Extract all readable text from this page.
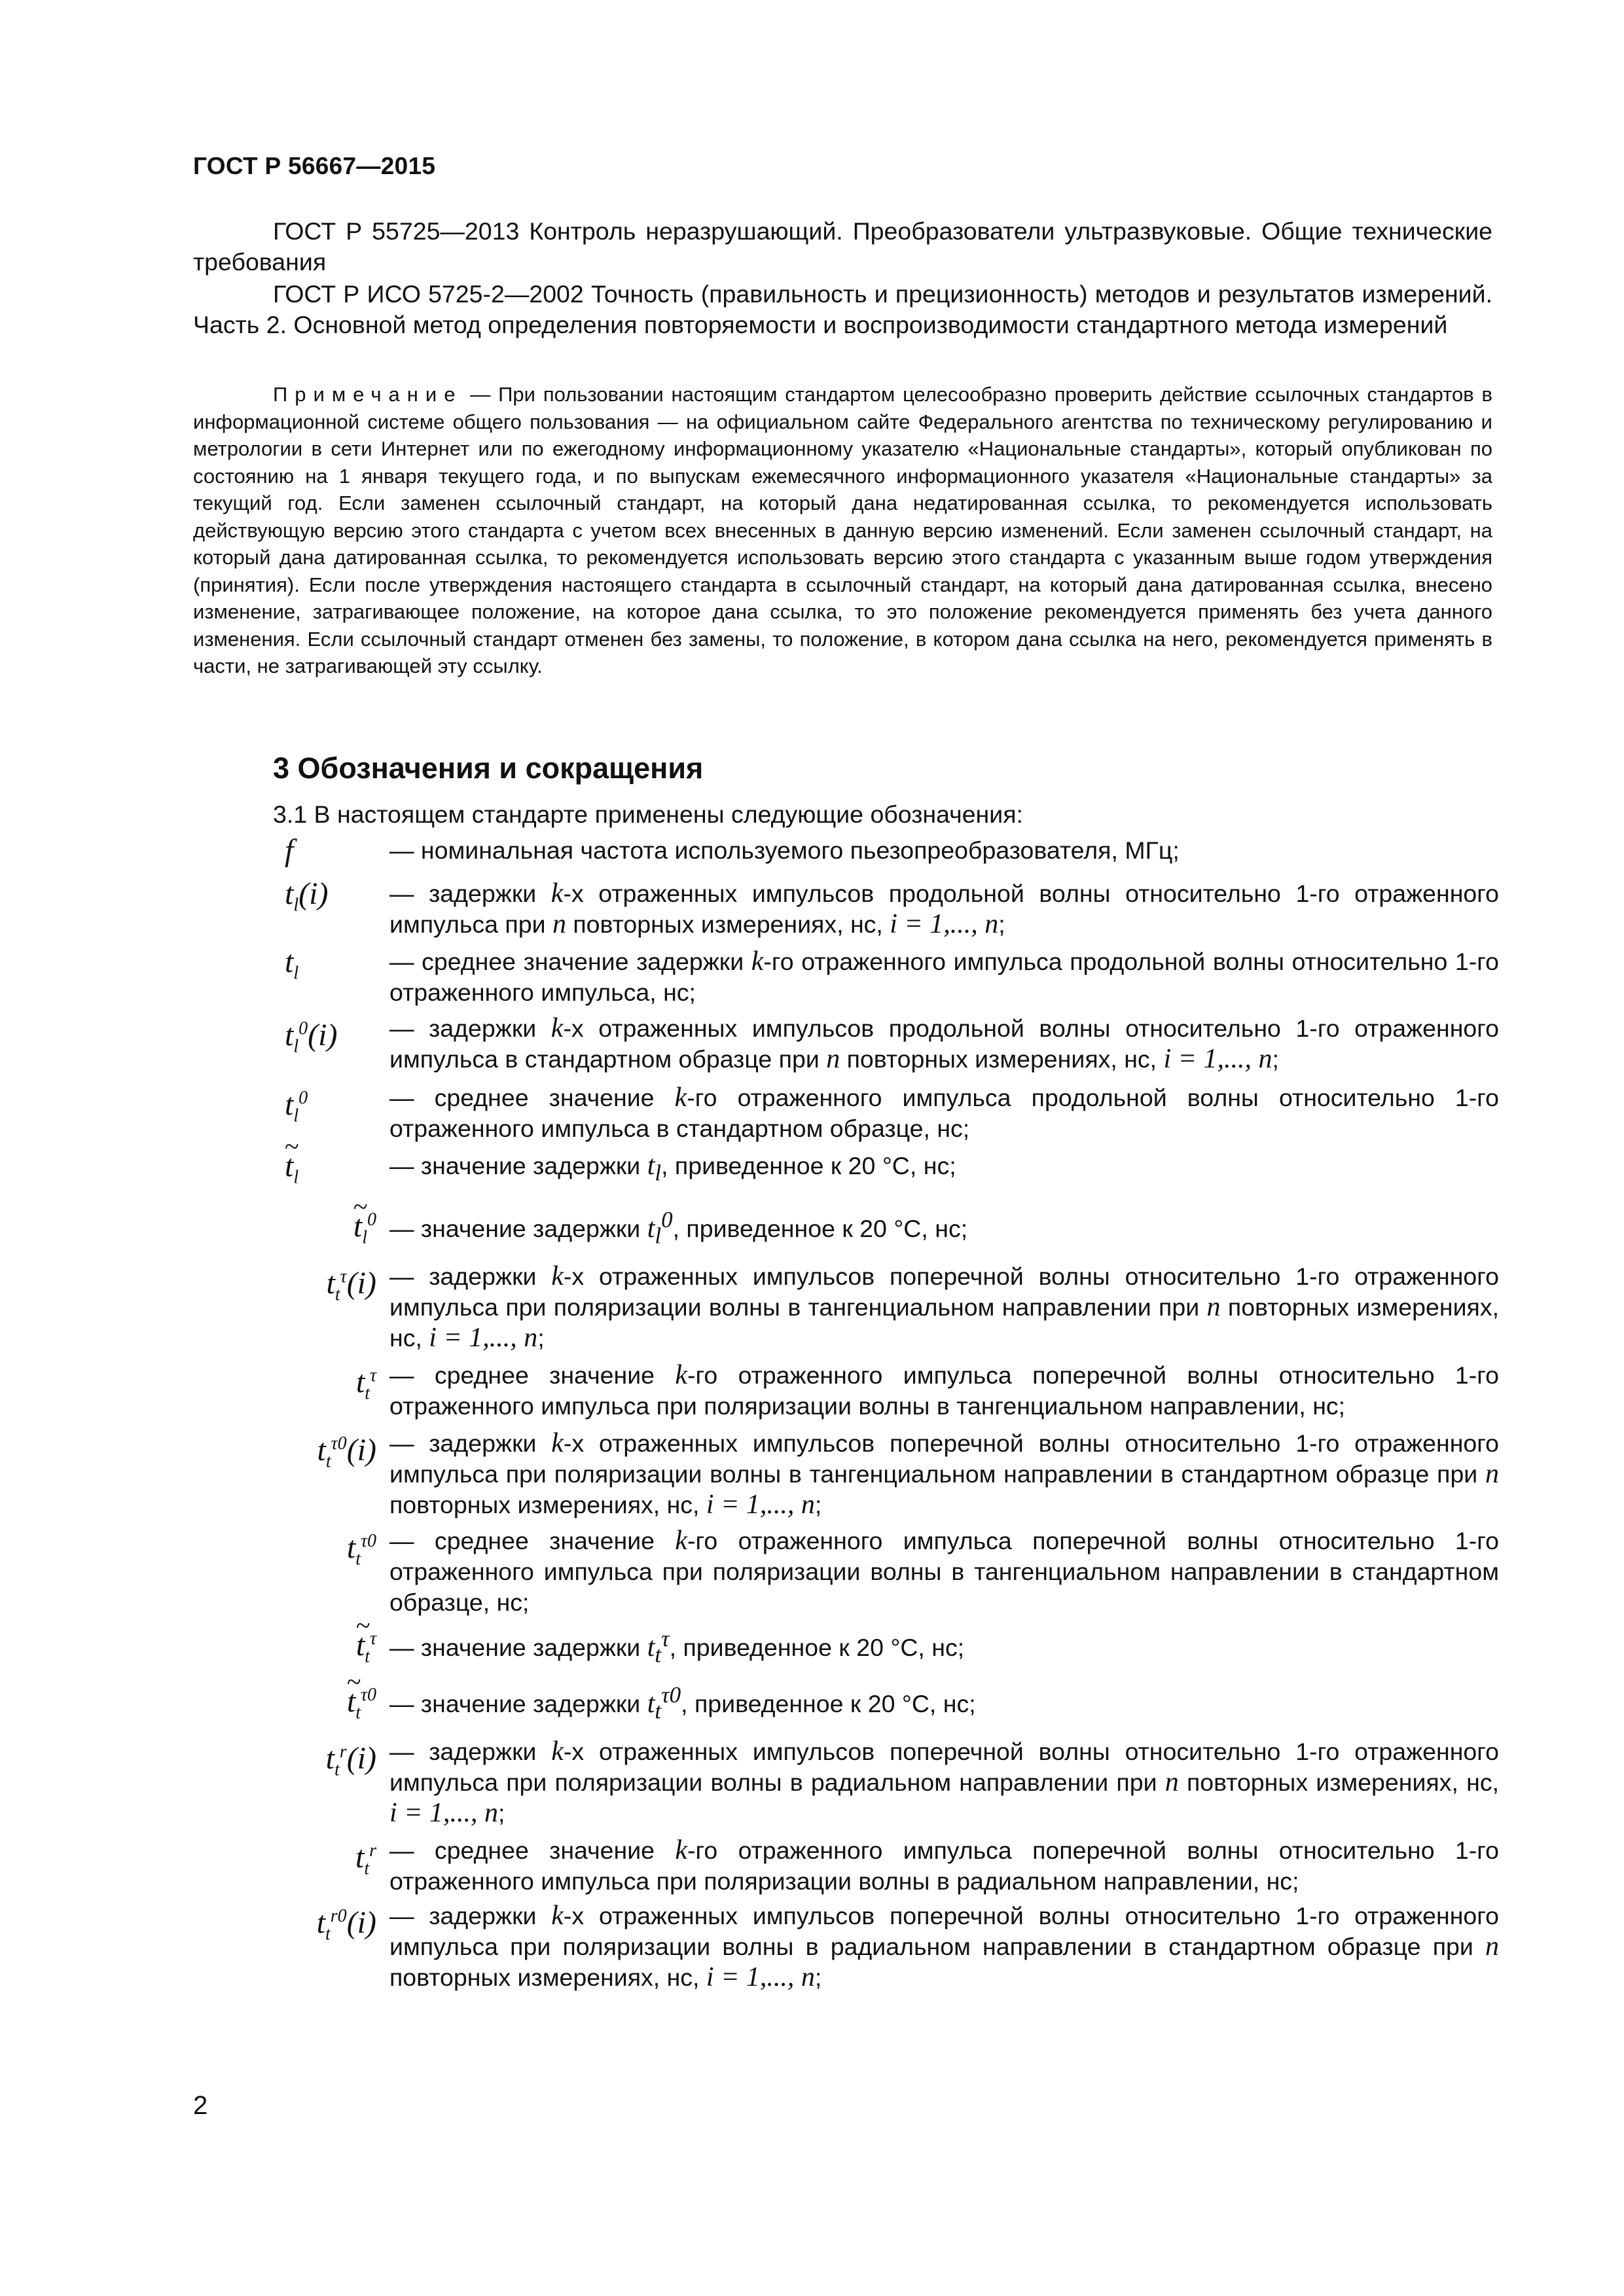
ГОСТ Р 56667—2015

ГОСТ Р 55725—2013 Контроль неразрушающий. Преобразователи ультразвуковые. Общие технические требования

ГОСТ Р ИСО 5725-2—2002 Точность (правильность и прецизионность) методов и результатов измерений. Часть 2. Основной метод определения повторяемости и воспроизводимости стандартного метода измерений

Примечание — При пользовании настоящим стандартом целесообразно проверить действие ссылочных стандартов в информационной системе общего пользования — на официальном сайте Федерального агентства по техническому регулированию и метрологии в сети Интернет или по ежегодному информационному указателю «Национальные стандарты», который опубликован по состоянию на 1 января текущего года, и по выпускам ежемесячного информационного указателя «Национальные стандарты» за текущий год. Если заменен ссылочный стандарт, на который дана недатированная ссылка, то рекомендуется использовать действующую версию этого стандарта с учетом всех внесенных в данную версию изменений. Если заменен ссылочный стандарт, на который дана датированная ссылка, то рекомендуется использовать версию этого стандарта с указанным выше годом утверждения (принятия). Если после утверждения настоящего стандарта в ссылочный стандарт, на который дана датированная ссылка, внесено изменение, затрагивающее положение, на которое дана ссылка, то это положение рекомендуется применять без учета данного изменения. Если ссылочный стандарт отменен без замены, то положение, в котором дана ссылка на него, рекомендуется применять в части, не затрагивающей эту ссылку.
3 Обозначения и сокращения
3.1 В настоящем стандарте применены следующие обозначения:
f	— номинальная частота используемого пьезопреобразователя, МГц;
$t_l(i)$	— задержки k-х отраженных импульсов продольной волны относительно 1-го отраженного импульса при n повторных измерениях, нс, i = 1,..., n;
$t_l$	— среднее значение задержки k-го отраженного импульса продольной волны относительно 1-го отраженного импульса, нс;
$t_l^0(i)$	— задержки k-х отраженных импульсов продольной волны относительно 1-го отраженного импульса в стандартном образце при n повторных измерениях, нс, i = 1,..., n;
$t_l^0$	— среднее значение k-го отраженного импульса продольной волны относительно 1-го отраженного импульса в стандартном образце, нс;
~ $t_l$	— значение задержки $t_l$, приведенное к 20 °С, нс;
~ $t_l^0$ — значение задержки $t_l^0$, приведенное к 20 °С, нс;
$t_t^\tau(i)$ — задержки k-х отраженных импульсов поперечной волны относительно 1-го отраженного импульса при поляризации волны в тангенциальном направлении при n повторных измерениях, нс, i = 1,..., n;
$t_t^\tau$ — среднее значение k-го отраженного импульса поперечной волны относительно 1-го отраженного импульса при поляризации волны в тангенциальном направлении, нс;
$t_t^{\tau 0}(i)$ — задержки k-х отраженных импульсов поперечной волны относительно 1-го отраженного импульса при поляризации волны в тангенциальном направлении в стандартном образце при n повторных измерениях, нс, i = 1,..., n;
$t_t^{\tau 0}$ — среднее значение k-го отраженного импульса поперечной волны относительно 1-го отраженного импульса при поляризации волны в тангенциальном направлении в стандартном образце, нс;
~ $t_t^\tau$ — значение задержки $t_t^\tau$, приведенное к 20 °С, нс;
~ $t_t^{\tau 0}$ — значение задержки $t_t^{\tau 0}$, приведенное к 20 °С, нс;
$t_t^r(i)$ — задержки k-х отраженных импульсов поперечной волны относительно 1-го отраженного импульса при поляризации волны в радиальном направлении при n повторных измерениях, нс, i = 1,..., n;
$t_t^r$ — среднее значение k-го отраженного импульса поперечной волны относительно 1-го отраженного импульса при поляризации волны в радиальном направлении, нс;
$t_t^{r0}(i)$ — задержки k-х отраженных импульсов поперечной волны относительно 1-го отраженного импульса при поляризации волны в радиальном направлении в стандартном образце при n повторных измерениях, нс, i = 1,..., n;
2
